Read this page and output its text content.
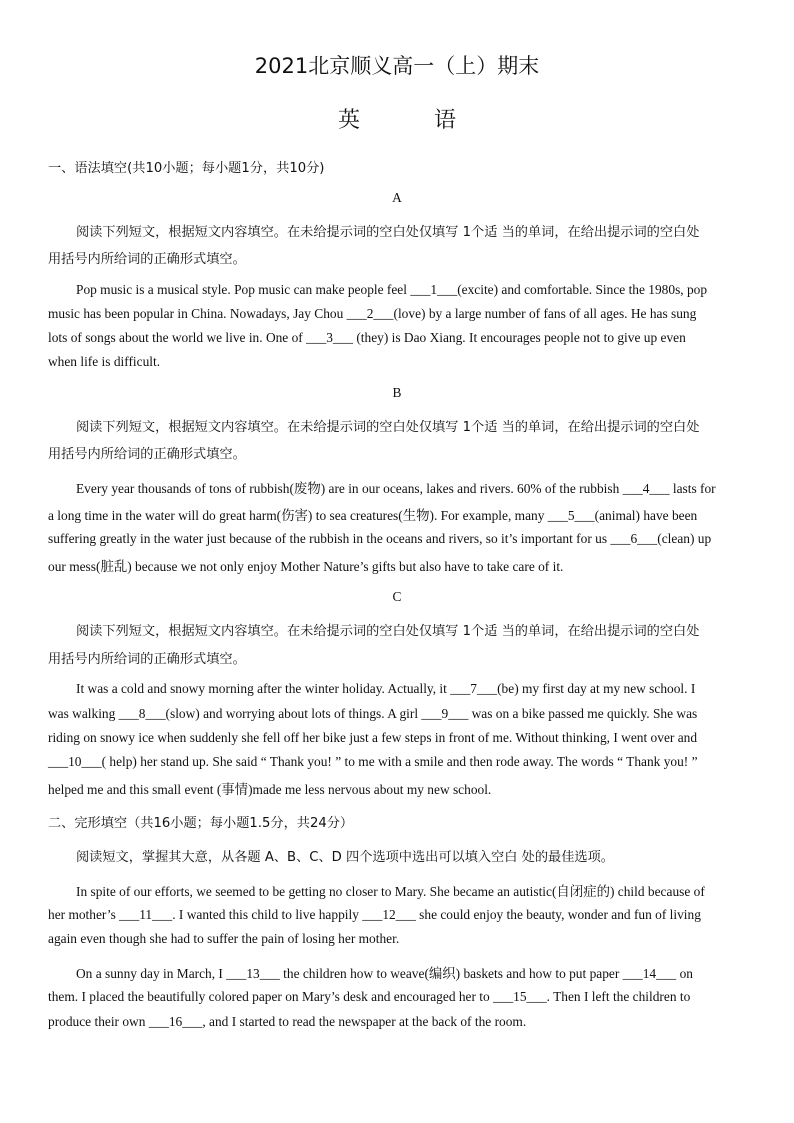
2021北京顺义高一（上）期末
英　语
一、语法填空(共10小题；每小题1分，共10分)
A
阅读下列短文，根据短文内容填空。在未给提示词的空白处仅填写 1个适 当的单词，在给出提示词的空白处
用括号内所给词的正确形式填空。
Pop music is a musical style. Pop music can make people feel ___1___(excite) and comfortable. Since the 1980s, pop
music has been popular in China. Nowadays, Jay Chou ___2___(love) by a large number of fans of all ages. He has sung
lots of songs about the world we live in. One of ___3___ (they) is Dao Xiang. It encourages people not to give up even
when life is difficult.
B
阅读下列短文，根据短文内容填空。在未给提示词的空白处仅填写 1个适 当的单词，在给出提示词的空白处
用括号内所给词的正确形式填空。
Every year thousands of tons of rubbish(废物) are in our oceans, lakes and rivers. 60% of the rubbish ___4___ lasts for
a long time in the water will do great harm(伤害) to sea creatures(生物). For example, many ___5___(animal) have been
suffering greatly in the water just because of the rubbish in the oceans and rivers, so it’s important for us ___6___(clean) up
our mess(脏乱) because we not only enjoy Mother Nature’s gifts but also have to take care of it.
C
阅读下列短文，根据短文内容填空。在未给提示词的空白处仅填写 1个适 当的单词，在给出提示词的空白处
用括号内所给词的正确形式填空。
It was a cold and snowy morning after the winter holiday. Actually, it ___7___(be) my first day at my new school. I
was walking ___8___(slow) and worrying about lots of things. A girl ___9___ was on a bike passed me quickly. She was
riding on snowy ice when suddenly she fell off her bike just a few steps in front of me. Without thinking, I went over and
___10___( help) her stand up. She said “ Thank you! ” to me with a smile and then rode away. The words “ Thank you! ”
helped me and this small event (事情)made me less nervous about my new school.
二、完形填空（共16小题；每小题1.5分，共24分）
阅读短文，掌握其大意，从各题 A、B、C、D 四个选项中选出可以填入空白 处的最佳选项。
In spite of our efforts, we seemed to be getting no closer to Mary. She became an autistic(自闭症的) child because of
her mother’s ___11___. I wanted this child to live happily ___12___ she could enjoy the beauty, wonder and fun of living
again even though she had to suffer the pain of losing her mother.
On a sunny day in March, I ___13___ the children how to weave(编织) baskets and how to put paper ___14___ on
them. I placed the beautifully colored paper on Mary’s desk and encouraged her to ___15___. Then I left the children to
produce their own ___16___, and I started to read the newspaper at the back of the room.
